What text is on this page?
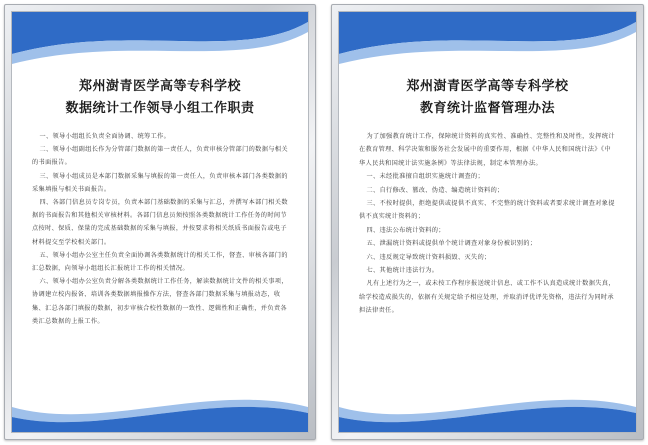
郑州澍青医学高等专科学校
数据统计工作领导小组工作职责

一、领导小组组长负责全面协调、统筹工作。

二、领导小组副组长作为分管部门数据的第一责任人，负责审核分管部门的数据与相关的书面报告。

三、领导小组成员是本部门数据采集与填报的第一责任人，负责审核本部门各类数据的采集填报与相关书面报告。

四、各部门信息员专岗专员，负责本部门基础数据的采集与汇总，并撰写本部门相关数据的书面报告和其他相关审核材料。各部门信息员须按照各类数据统计工作任务的时间节点按时、保质、保量的完成基础数据的采集与填报，并按要求将相关纸质书面报告或电子材料提交至学校相关部门。

五、领导小组办公室主任负责全面协调各类数据统计的相关工作，督查、审核各部门的汇总数据，向领导小组组长汇报统计工作的相关情况。

六、领导小组办公室负责分解各类数据统计工作任务，解读数据统计文件的相关事项，协调建立校内报备、培训各类数据填报操作方法，督查各部门数据采集与填报动态，收集、汇总各部门填报的数据，初步审核合校性数据的一致性、逻辑性和正确性，并负责各类汇总数据的上报工作。

郑州澍青医学高等专科学校
教育统计监督管理办法

为了加强教育统计工作，保障统计资料的真实性、准确性、完整性和及时性，发挥统计在教育管理、科学决策和服务社会发展中的重要作用，根据《中华人民和国统计法》《中华人民共和国统计法实施条例》等法律法规，制定本管理办法。

一、未经批准擅自组织实施统计调查的；

二、自行修改、篡改、伪造、编造统计资料的；

三、不按时提供，拒绝提供或提供不真实、不完整的统计资料或者要求统计调查对象提供不真实统计资料的；

四、违法公布统计资料的；

五、泄漏统计资料或提供单个统计调查对象身份被识别的；

六、违反规定导致统计资料损毁、灭失的；

七、其他统计违法行为。

凡有上述行为之一，或未按工作程序报送统计信息、或工作不认真造成统计数据失真，给学校造成损失的，依据有关规定给予相应处理，并取消评优评先资格，违法行为同时承担法律责任。
